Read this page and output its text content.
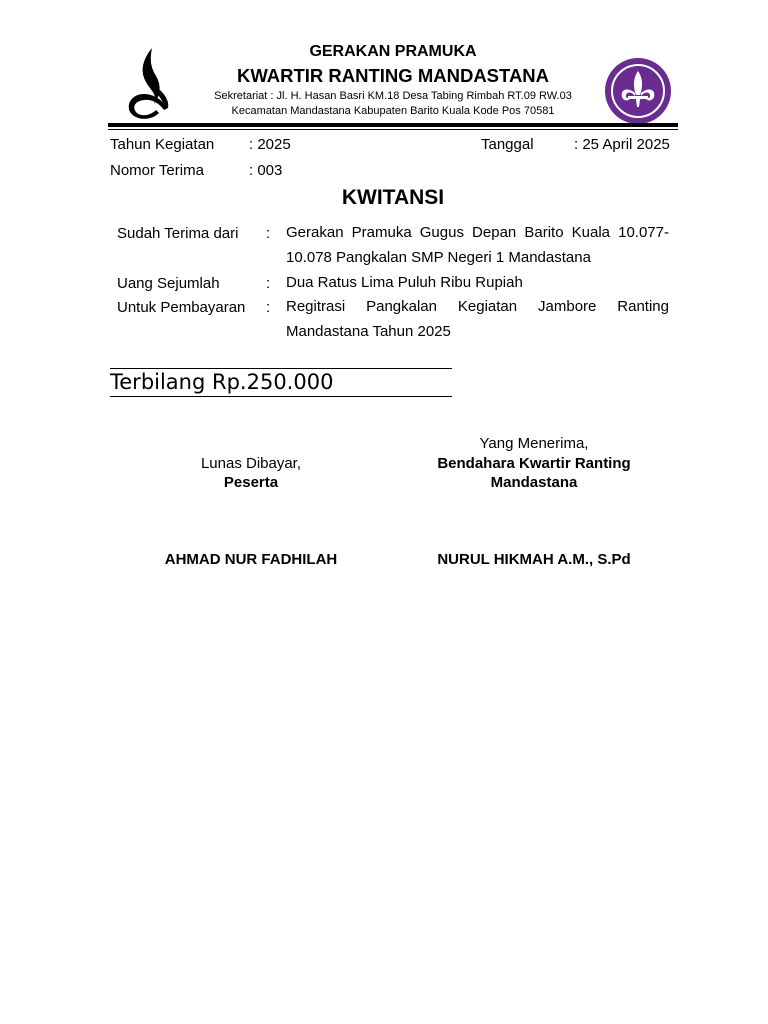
GERAKAN PRAMUKA
KWARTIR RANTING MANDASTANA
Sekretariat : Jl. H. Hasan Basri KM.18 Desa Tabing Rimbah RT.09 RW.03
Kecamatan Mandastana Kabupaten Barito Kuala Kode Pos 70581
Tahun Kegiatan : 2025
Nomor Terima	: 003
Tanggal	: 25 April 2025
KWITANSI
Sudah Terima dari : Gerakan Pramuka Gugus Depan Barito Kuala 10.077-10.078 Pangkalan SMP Negeri 1 Mandastana
Uang Sejumlah	: Dua Ratus Lima Puluh Ribu Rupiah
Untuk Pembayaran : Regitrasi Pangkalan Kegiatan Jambore Ranting Mandastana Tahun 2025
Terbilang Rp.250.000
Lunas Dibayar,
Peserta
AHMAD NUR FADHILAH
Yang Menerima,
Bendahara Kwartir Ranting
Mandastana
NURUL HIKMAH A.M., S.Pd
